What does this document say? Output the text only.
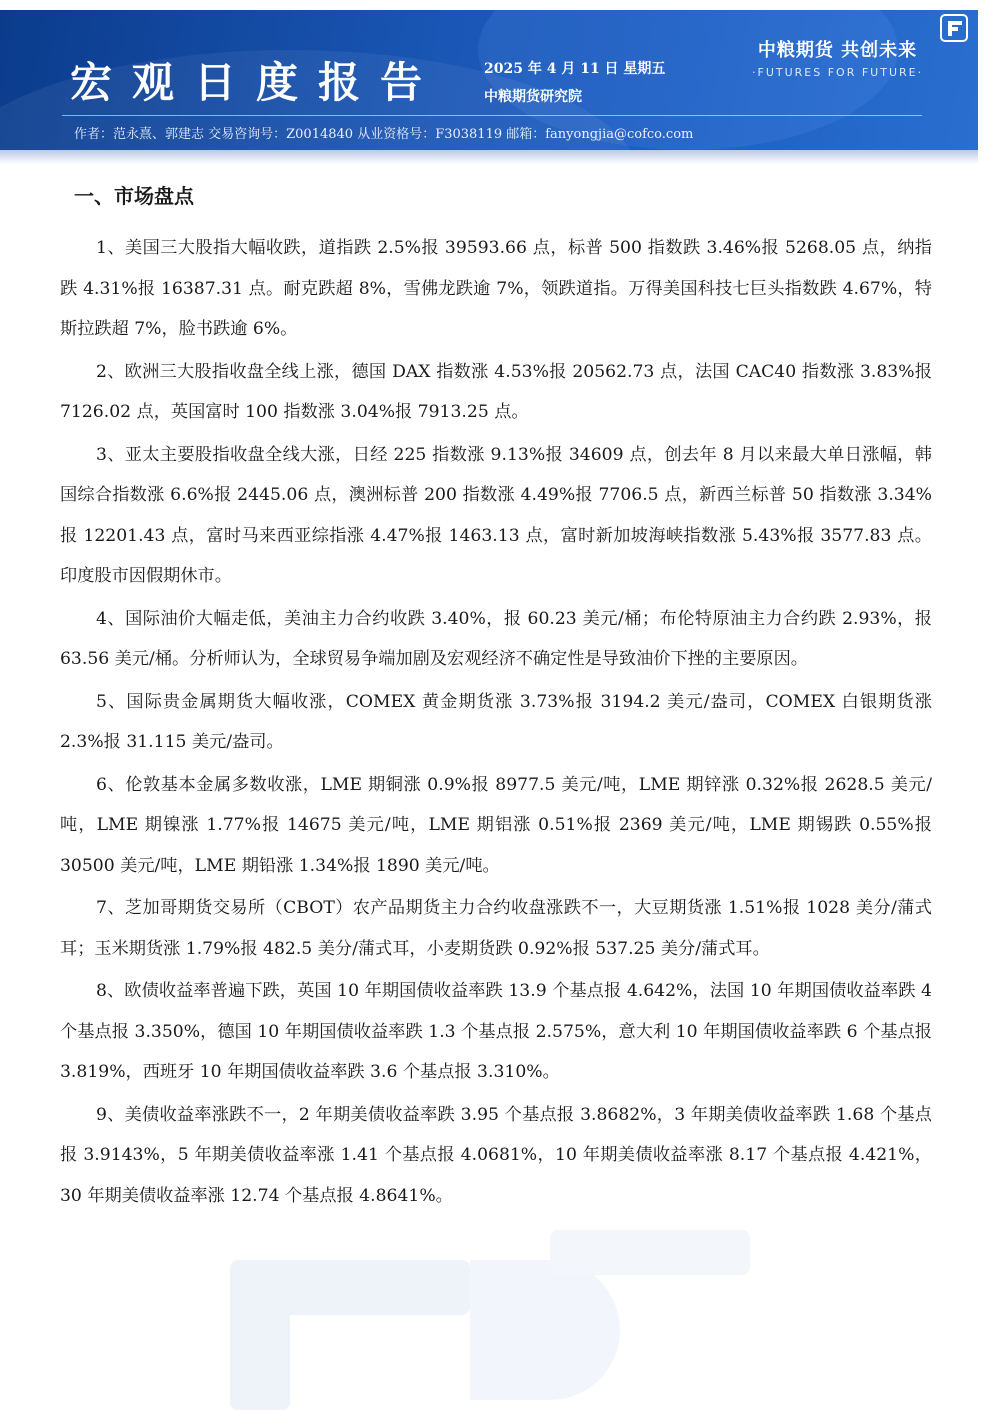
宏观日度报告	2025 年 4 月 11 日 星期五
中粮期货研究院
中粮期货 共创未来
·FUTURES FOR FUTURE·
作者：范永熹、郭建志 交易咨询号：Z0014840 从业资格号：F3038119 邮箱：fanyongjia@cofco.com
一、市场盘点

1、美国三大股指大幅收跌，道指跌 2.5%报 39593.66 点，标普 500 指数跌 3.46%报 5268.05 点，纳指跌 4.31%报 16387.31 点。耐克跌超 8%，雪佛龙跌逾 7%，领跌道指。万得美国科技七巨头指数跌 4.67%，特斯拉跌超 7%，脸书跌逾 6%。

2、欧洲三大股指收盘全线上涨，德国 DAX 指数涨 4.53%报 20562.73 点，法国 CAC40 指数涨 3.83%报 7126.02 点，英国富时 100 指数涨 3.04%报 7913.25 点。

3、亚太主要股指收盘全线大涨，日经 225 指数涨 9.13%报 34609 点，创去年 8 月以来最大单日涨幅，韩国综合指数涨 6.6%报 2445.06 点，澳洲标普 200 指数涨 4.49%报 7706.5 点，新西兰标普 50 指数涨 3.34%报 12201.43 点，富时马来西亚综指涨 4.47%报 1463.13 点，富时新加坡海峡指数涨 5.43%报 3577.83 点。印度股市因假期休市。

4、国际油价大幅走低，美油主力合约收跌 3.40%，报 60.23 美元/桶；布伦特原油主力合约跌 2.93%，报 63.56 美元/桶。分析师认为，全球贸易争端加剧及宏观经济不确定性是导致油价下挫的主要原因。

5、国际贵金属期货大幅收涨，COMEX 黄金期货涨 3.73%报 3194.2 美元/盎司，COMEX 白银期货涨 2.3%报 31.115 美元/盎司。

6、伦敦基本金属多数收涨，LME 期铜涨 0.9%报 8977.5 美元/吨，LME 期锌涨 0.32%报 2628.5 美元/吨，LME 期镍涨 1.77%报 14675 美元/吨，LME 期铝涨 0.51%报 2369 美元/吨，LME 期锡跌 0.55%报 30500 美元/吨，LME 期铅涨 1.34%报 1890 美元/吨。

7、芝加哥期货交易所（CBOT）农产品期货主力合约收盘涨跌不一，大豆期货涨 1.51%报 1028 美分/蒲式耳；玉米期货涨 1.79%报 482.5 美分/蒲式耳，小麦期货跌 0.92%报 537.25 美分/蒲式耳。

8、欧债收益率普遍下跌，英国 10 年期国债收益率跌 13.9 个基点报 4.642%，法国 10 年期国债收益率跌 4 个基点报 3.350%，德国 10 年期国债收益率跌 1.3 个基点报 2.575%，意大利 10 年期国债收益率跌 6 个基点报 3.819%，西班牙 10 年期国债收益率跌 3.6 个基点报 3.310%。

9、美债收益率涨跌不一，2 年期美债收益率跌 3.95 个基点报 3.8682%，3 年期美债收益率跌 1.68 个基点报 3.9143%，5 年期美债收益率涨 1.41 个基点报 4.0681%，10 年期美债收益率涨 8.17 个基点报 4.421%，30 年期美债收益率涨 12.74 个基点报 4.8641%。
